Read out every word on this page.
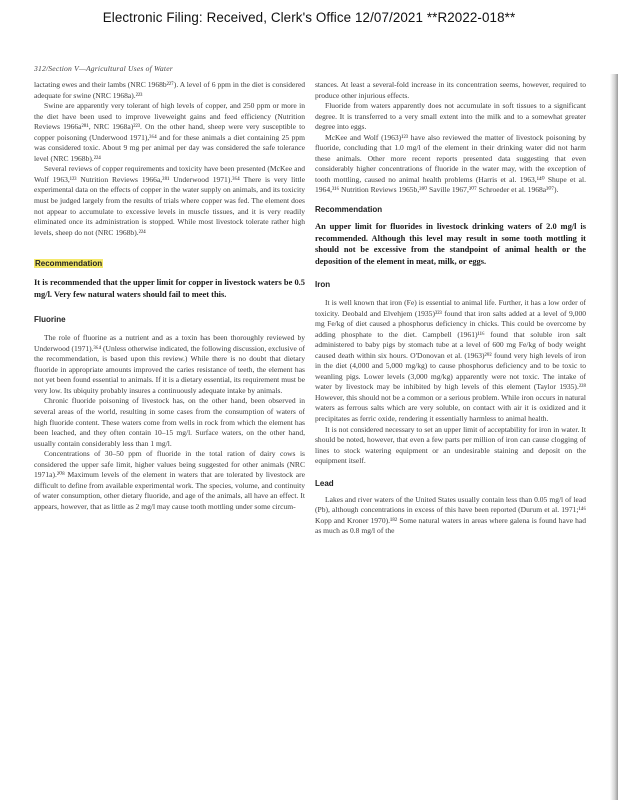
Electronic Filing: Received, Clerk's Office 12/07/2021 **R2022-018**
312/Section V—Agricultural Uses of Water

lactating ewes and their lambs (NRC 1968b²²⁷). A level of 6 ppm in the diet is considered adequate for swine (NRC 1968a).²²³

Swine are apparently very tolerant of high levels of copper, and 250 ppm or more in the diet have been used to improve liveweight gains and feed efficiency (Nutrition Reviews 1966a²⁸¹, NRC 1968a)²²³. On the other hand, sheep were very susceptible to copper poisoning (Underwood 1971),³⁶⁴ and for these animals a diet containing 25 ppm was considered toxic. About 9 mg per animal per day was considered the safe tolerance level (NRC 1968b).²²⁴

Several reviews of copper requirements and toxicity have been presented (McKee and Wolf 1963,¹²³ Nutrition Reviews 1966a,²⁸¹ Underwood 1971).³⁶⁴ There is very little experimental data on the effects of copper in the water supply on animals, and its toxicity must be judged largely from the results of trials where copper was fed. The element does not appear to accumulate to excessive levels in muscle tissues, and it is very readily eliminated once its administration is stopped. While most livestock tolerate rather high levels, sheep do not (NRC 1968b).²²⁴

Recommendation

It is recommended that the upper limit for copper in livestock waters be 0.5 mg/l. Very few natural waters should fail to meet this.

Fluorine

The role of fluorine as a nutrient and as a toxin has been thoroughly reviewed by Underwood (1971).³⁶⁴ (Unless otherwise indicated, the following discussion, exclusive of the recommendation, is based upon this review.) While there is no doubt that dietary fluoride in appropriate amounts improved the caries resistance of teeth, the element has not yet been found essential to animals. If it is a dietary essential, its requirement must be very low. Its ubiquity probably insures a continuously adequate intake by animals.

Chronic fluoride poisoning of livestock has, on the other hand, been observed in several areas of the world, resulting in some cases from the consumption of waters of high fluoride content. These waters come from wells in rock from which the element has been leached, and they often contain 10–15 mg/l. Surface waters, on the other hand, usually contain considerably less than 1 mg/l.

Concentrations of 30–50 ppm of fluoride in the total ration of dairy cows is considered the upper safe limit, higher values being suggested for other animals (NRC 1971a).²⁰⁸ Maximum levels of the element in waters that are tolerated by livestock are difficult to define from available experimental work. The species, volume, and continuity of water consumption, other dietary fluoride, and age of the animals, all have an effect. It appears, however, that as little as 2 mg/l may cause tooth mottling under some circum-

stances. At least a several-fold increase in its concentration seems, however, required to produce other injurious effects.

Fluoride from waters apparently does not accumulate in soft tissues to a significant degree. It is transferred to a very small extent into the milk and to a somewhat greater degree into eggs.

McKee and Wolf (1963)¹²³ have also reviewed the matter of livestock poisoning by fluoride, concluding that 1.0 mg/l of the element in their drinking water did not harm these animals. Other more recent reports presented data suggesting that even considerably higher concentrations of fluoride in the water may, with the exception of tooth mottling, caused no animal health problems (Harris et al. 1963,¹⁴⁰ Shupe et al. 1964,³¹⁶ Nutrition Reviews 1965b,²⁸⁰ Saville 1967,³⁰⁷ Schroeder et al. 1968a³⁰⁷).

Recommendation

An upper limit for fluorides in livestock drinking waters of 2.0 mg/l is recommended. Although this level may result in some tooth mottling it should not be excessive from the standpoint of animal health or the deposition of the element in meat, milk, or eggs.

Iron

It is well known that iron (Fe) is essential to animal life. Further, it has a low order of toxicity. Deobald and Elvehjem (1935)³²³ found that iron salts added at a level of 9,000 mg Fe/kg of diet caused a phosphorus deficiency in chicks. This could be overcome by adding phosphate to the diet. Campbell (1961)¹¹⁶ found that soluble iron salt administered to baby pigs by stomach tube at a level of 600 mg Fe/kg of body weight caused death within six hours. O'Donovan et al. (1963)²⁹² found very high levels of iron in the diet (4,000 and 5,000 mg/kg) to cause phosphorus deficiency and to be toxic to weanling pigs. Lower levels (3,000 mg/kg) apparently were not toxic. The intake of water by livestock may be inhibited by high levels of this element (Taylor 1935).²²⁸ However, this should not be a common or a serious problem. While iron occurs in natural waters as ferrous salts which are very soluble, on contact with air it is oxidized and it precipitates as ferric oxide, rendering it essentially harmless to animal health.

It is not considered necessary to set an upper limit of acceptability for iron in water. It should be noted, however, that even a few parts per million of iron can cause clogging of lines to stock watering equipment or an undesirable staining and deposit on the equipment itself.

Lead

Lakes and river waters of the United States usually contain less than 0.05 mg/l of lead (Pb), although concentrations in excess of this have been reported (Durum et al. 1971;¹⁴⁶ Kopp and Kroner 1970).¹⁸² Some natural waters in areas where galena is found have had as much as 0.8 mg/l of the
